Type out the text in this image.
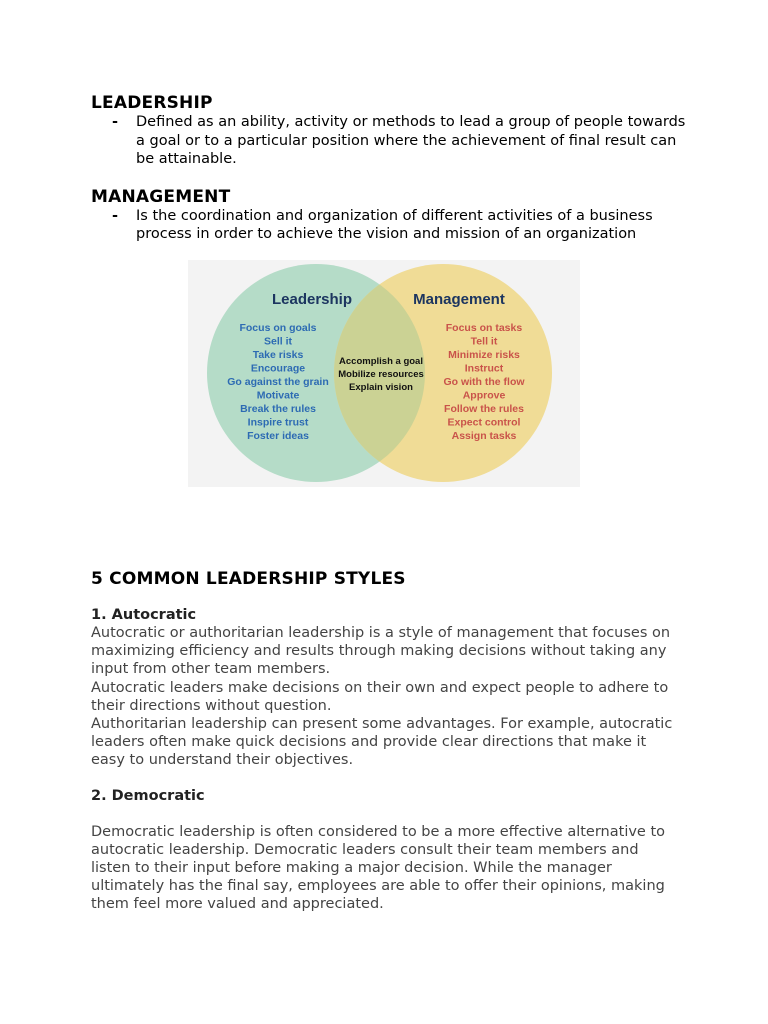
LEADERSHIP

- Defined as an ability, activity or methods to lead a group of people towards a goal or to a particular position where the achievement of final result can be attainable.

MANAGEMENT

- Is the coordination and organization of different activities of a business process in order to achieve the vision and mission of an organization

Leadership	Management
Focus on goals
Sell it
Take risks
Encourage
Go against the grain
Motivate
Break the rules
Inspire trust
Foster ideas
Accomplish a goal
Mobilize resources
Explain vision
Focus on tasks
Tell it
Minimize risks
Instruct
Go with the flow
Approve
Follow the rules
Expect control
Assign tasks
5 COMMON LEADERSHIP STYLES

1. Autocratic

Autocratic or authoritarian leadership is a style of management that focuses on maximizing efficiency and results through making decisions without taking any input from other team members.

Autocratic leaders make decisions on their own and expect people to adhere to their directions without question.

Authoritarian leadership can present some advantages. For example, autocratic leaders often make quick decisions and provide clear directions that make it easy to understand their objectives.

2. Democratic

Democratic leadership is often considered to be a more effective alternative to autocratic leadership. Democratic leaders consult their team members and listen to their input before making a major decision. While the manager ultimately has the final say, employees are able to offer their opinions, making them feel more valued and appreciated.
